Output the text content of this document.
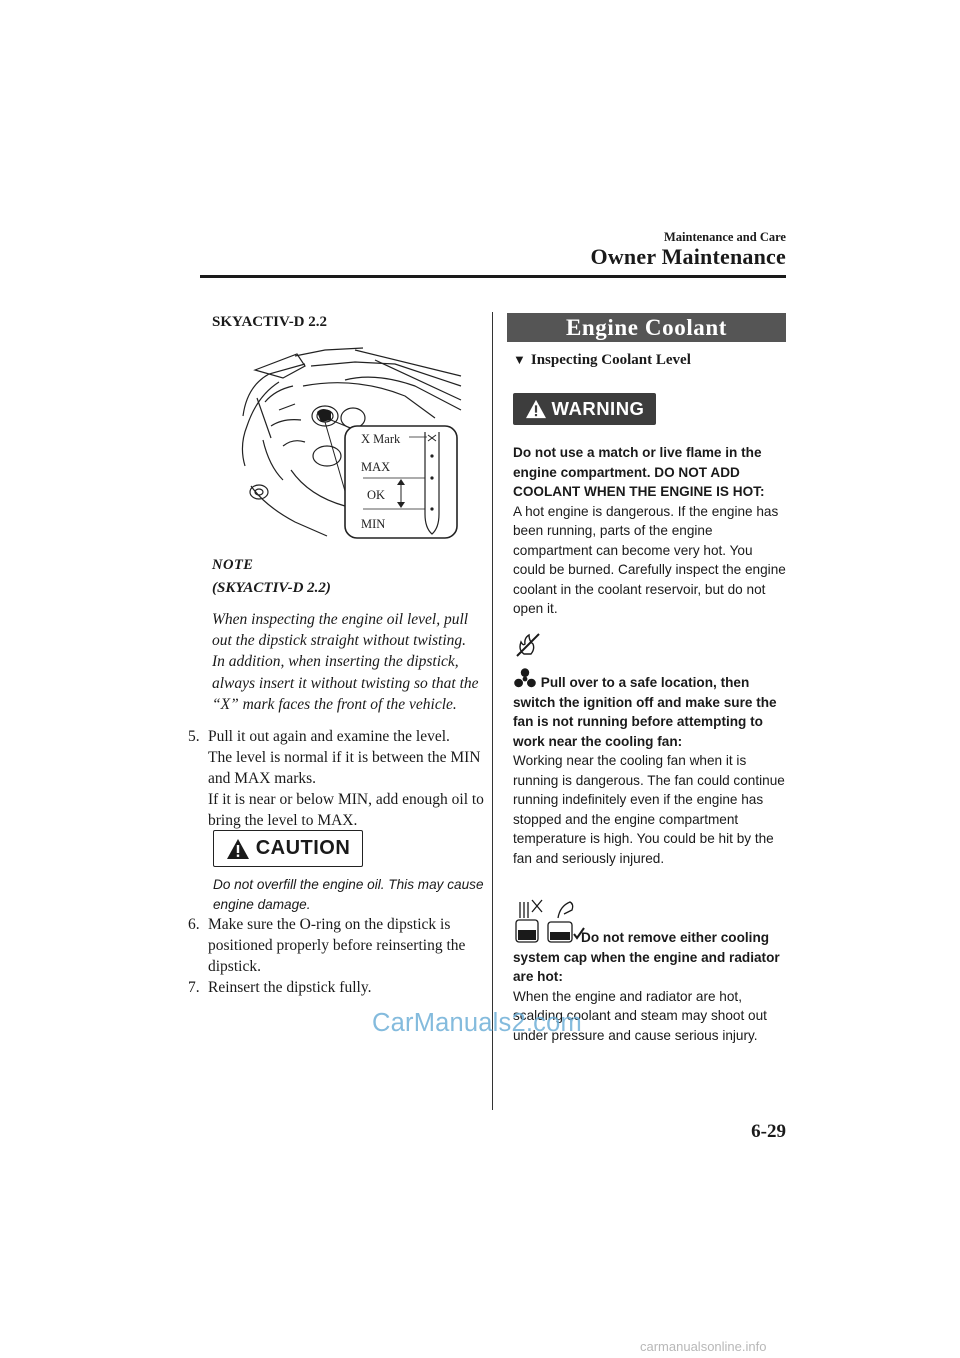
Maintenance and Care
Owner Maintenance
SKYACTIV-D 2.2
X Mark
MAX
OK
MIN
NOTE
(SKYACTIV-D 2.2)
When inspecting the engine oil level, pull out the dipstick straight without twisting. In addition, when inserting the dipstick, always insert it without twisting so that the “X” mark faces the front of the vehicle.
5. Pull it out again and examine the level.
The level is normal if it is between the MIN and MAX marks.
If it is near or below MIN, add enough oil to bring the level to MAX.
CAUTION
Do not overfill the engine oil. This may cause engine damage.
6. Make sure the O-ring on the dipstick is positioned properly before reinserting the dipstick.
7. Reinsert the dipstick fully.
Engine Coolant
▼ Inspecting Coolant Level
WARNING
Do not use a match or live flame in the engine compartment. DO NOT ADD COOLANT WHEN THE ENGINE IS HOT:
A hot engine is dangerous. If the engine has been running, parts of the engine compartment can become very hot. You could be burned. Carefully inspect the engine coolant in the coolant reservoir, but do not open it.
Pull over to a safe location, then switch the ignition off and make sure the fan is not running before attempting to work near the cooling fan:
Working near the cooling fan when it is running is dangerous. The fan could continue running indefinitely even if the engine has stopped and the engine compartment temperature is high. You could be hit by the fan and seriously injured.
Do not remove either cooling system cap when the engine and radiator are hot:
When the engine and radiator are hot, scalding coolant and steam may shoot out under pressure and cause serious injury.
6-29
CarManuals2.com
carmanualsonline.info
